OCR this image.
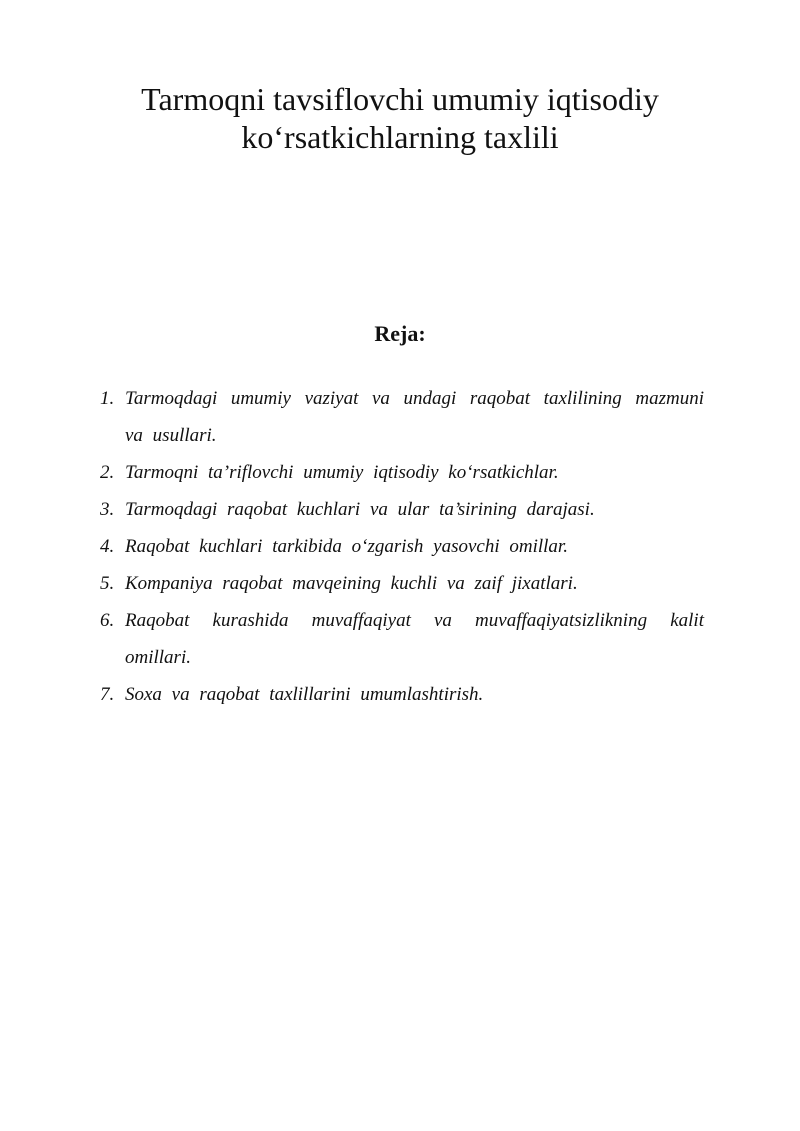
Tarmoqni tavsiflovchi umumiy iqtisodiy
ko‘rsatkichlarning taxlili
Reja:
1. Tarmoqdagi umumiy vaziyat va undagi raqobat taxlilining mazmuni va usullari.
2. Tarmoqni ta’riflovchi umumiy iqtisodiy ko‘rsatkichlar.
3. Tarmoqdagi raqobat kuchlari va ular ta’sirining darajasi.
4. Raqobat kuchlari tarkibida o‘zgarish yasovchi omillar.
5. Kompaniya raqobat mavqeining kuchli va zaif jixatlari.
6. Raqobat kurashida muvaffaqiyat va muvaffaqiyatsizlikning kalit omillari.
7. Soxa va raqobat taxlillarini umumlashtirish.
